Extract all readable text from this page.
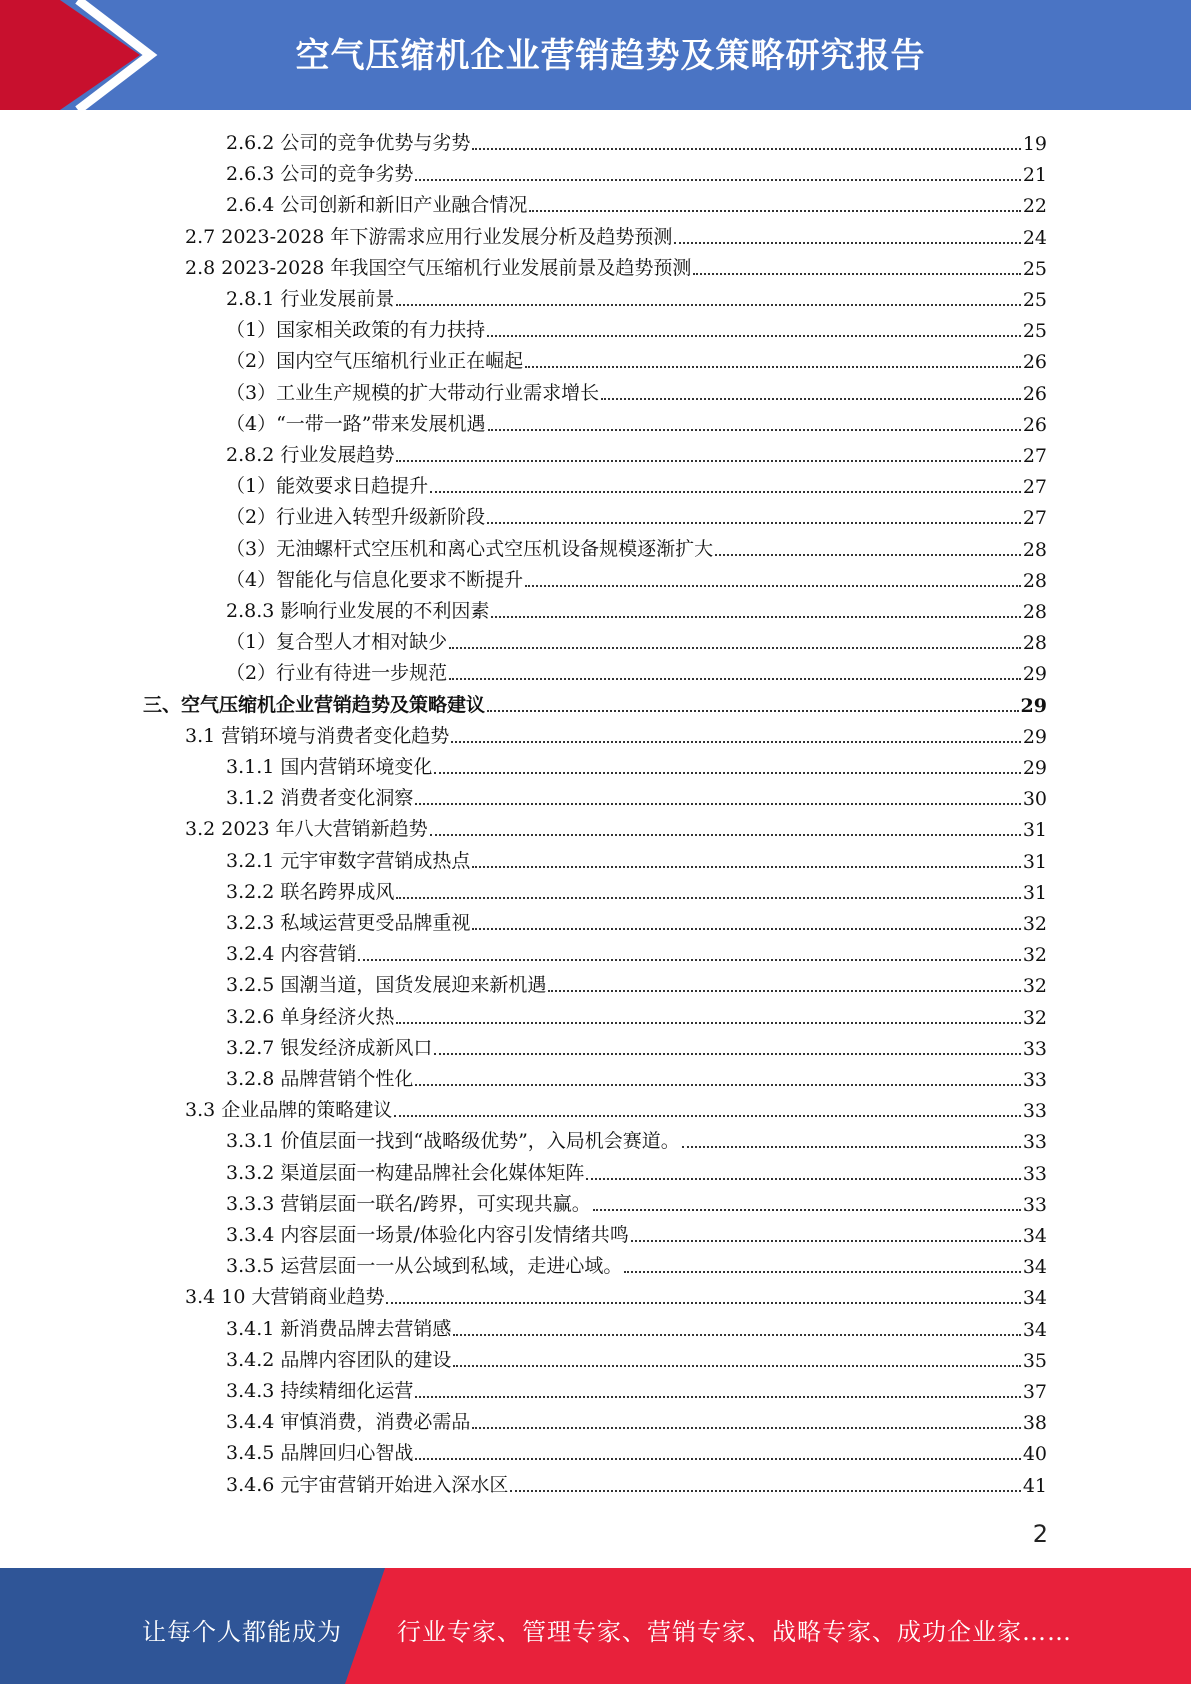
空气压缩机企业营销趋势及策略研究报告
2.6.2 公司的竞争优势与劣势	19
2.6.3 公司的竞争劣势	21
2.6.4 公司创新和新旧产业融合情况	22
2.7 2023-2028 年下游需求应用行业发展分析及趋势预测	24
2.8 2023-2028 年我国空气压缩机行业发展前景及趋势预测	25
2.8.1 行业发展前景	25
（1）国家相关政策的有力扶持	25
（2）国内空气压缩机行业正在崛起	26
（3）工业生产规模的扩大带动行业需求增长	26
（4）“一带一路”带来发展机遇	26
2.8.2 行业发展趋势	27
（1）能效要求日趋提升	27
（2）行业进入转型升级新阶段	27
（3）无油螺杆式空压机和离心式空压机设备规模逐渐扩大	28
（4）智能化与信息化要求不断提升	28
2.8.3 影响行业发展的不利因素	28
（1）复合型人才相对缺少	28
（2）行业有待进一步规范	29
三、空气压缩机企业营销趋势及策略建议	29
3.1 营销环境与消费者变化趋势	29
3.1.1 国内营销环境变化	29
3.1.2 消费者变化洞察	30
3.2 2023 年八大营销新趋势	31
3.2.1 元宇审数字营销成热点	31
3.2.2 联名跨界成风	31
3.2.3 私域运营更受品牌重视	32
3.2.4 内容营销	32
3.2.5 国潮当道，国货发展迎来新机遇	32
3.2.6 单身经济火热	32
3.2.7 银发经济成新风口	33
3.2.8 品牌营销个性化	33
3.3 企业品牌的策略建议	33
3.3.1 价值层面一找到“战略级优势”，入局机会赛道。	33
3.3.2 渠道层面一构建品牌社会化媒体矩阵	33
3.3.3 营销层面一联名/跨界，可实现共赢。	33
3.3.4 内容层面一场景/体验化内容引发情绪共鸣	34
3.3.5 运营层面一一从公域到私域，走进心域。	34
3.4 10 大营销商业趋势	34
3.4.1 新消费品牌去营销感	34
3.4.2 品牌内容团队的建设	35
3.4.3 持续精细化运营	37
3.4.4 审慎消费，消费必需品	38
3.4.5 品牌回归心智战	40
3.4.6 元宇宙营销开始进入深水区	41
2
让每个人都能成为 行业专家、管理专家、营销专家、战略专家、成功企业家……
